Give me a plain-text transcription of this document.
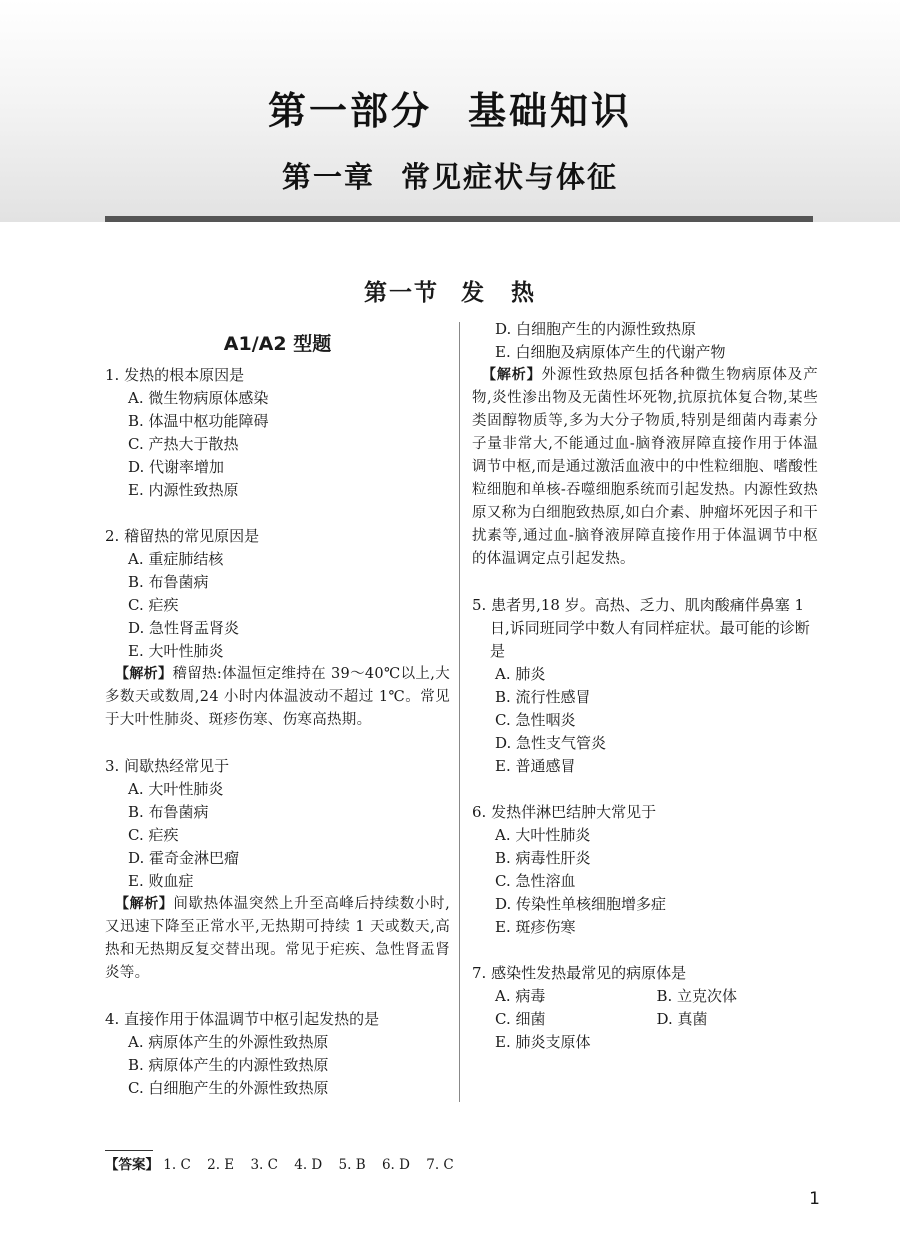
第一部分 基础知识
第一章 常见症状与体征
第一节 发　热
A1/A2 型题
1. 发热的根本原因是
A. 微生物病原体感染
B. 体温中枢功能障碍
C. 产热大于散热
D. 代谢率增加
E. 内源性致热原
2. 稽留热的常见原因是
A. 重症肺结核
B. 布鲁菌病
C. 疟疾
D. 急性肾盂肾炎
E. 大叶性肺炎
【解析】稽留热:体温恒定维持在 39～40℃以上,大多数天或数周,24 小时内体温波动不超过 1℃。常见于大叶性肺炎、斑疹伤寒、伤寒高热期。
3. 间歇热经常见于
A. 大叶性肺炎
B. 布鲁菌病
C. 疟疾
D. 霍奇金淋巴瘤
E. 败血症
【解析】间歇热体温突然上升至高峰后持续数小时,又迅速下降至正常水平,无热期可持续 1 天或数天,高热和无热期反复交替出现。常见于疟疾、急性肾盂肾炎等。
4. 直接作用于体温调节中枢引起发热的是
A. 病原体产生的外源性致热原
B. 病原体产生的内源性致热原
C. 白细胞产生的外源性致热原
D. 白细胞产生的内源性致热原
E. 白细胞及病原体产生的代谢产物
【解析】外源性致热原包括各种微生物病原体及产物,炎性渗出物及无菌性坏死物,抗原抗体复合物,某些类固醇物质等,多为大分子物质,特别是细菌内毒素分子量非常大,不能通过血-脑脊液屏障直接作用于体温调节中枢,而是通过激活血液中的中性粒细胞、嗜酸性粒细胞和单核-吞噬细胞系统而引起发热。内源性致热原又称为白细胞致热原,如白介素、肿瘤坏死因子和干扰素等,通过血-脑脊液屏障直接作用于体温调节中枢的体温调定点引起发热。
5. 患者男,18 岁。高热、乏力、肌肉酸痛伴鼻塞 1 日,诉同班同学中数人有同样症状。最可能的诊断是
A. 肺炎
B. 流行性感冒
C. 急性咽炎
D. 急性支气管炎
E. 普通感冒
6. 发热伴淋巴结肿大常见于
A. 大叶性肺炎
B. 病毒性肝炎
C. 急性溶血
D. 传染性单核细胞增多症
E. 斑疹伤寒
7. 感染性发热最常见的病原体是
A. 病毒	B. 立克次体
C. 细菌	D. 真菌
E. 肺炎支原体
【答案】 1. C 2. E 3. C 4. D 5. B 6. D 7. C
1
